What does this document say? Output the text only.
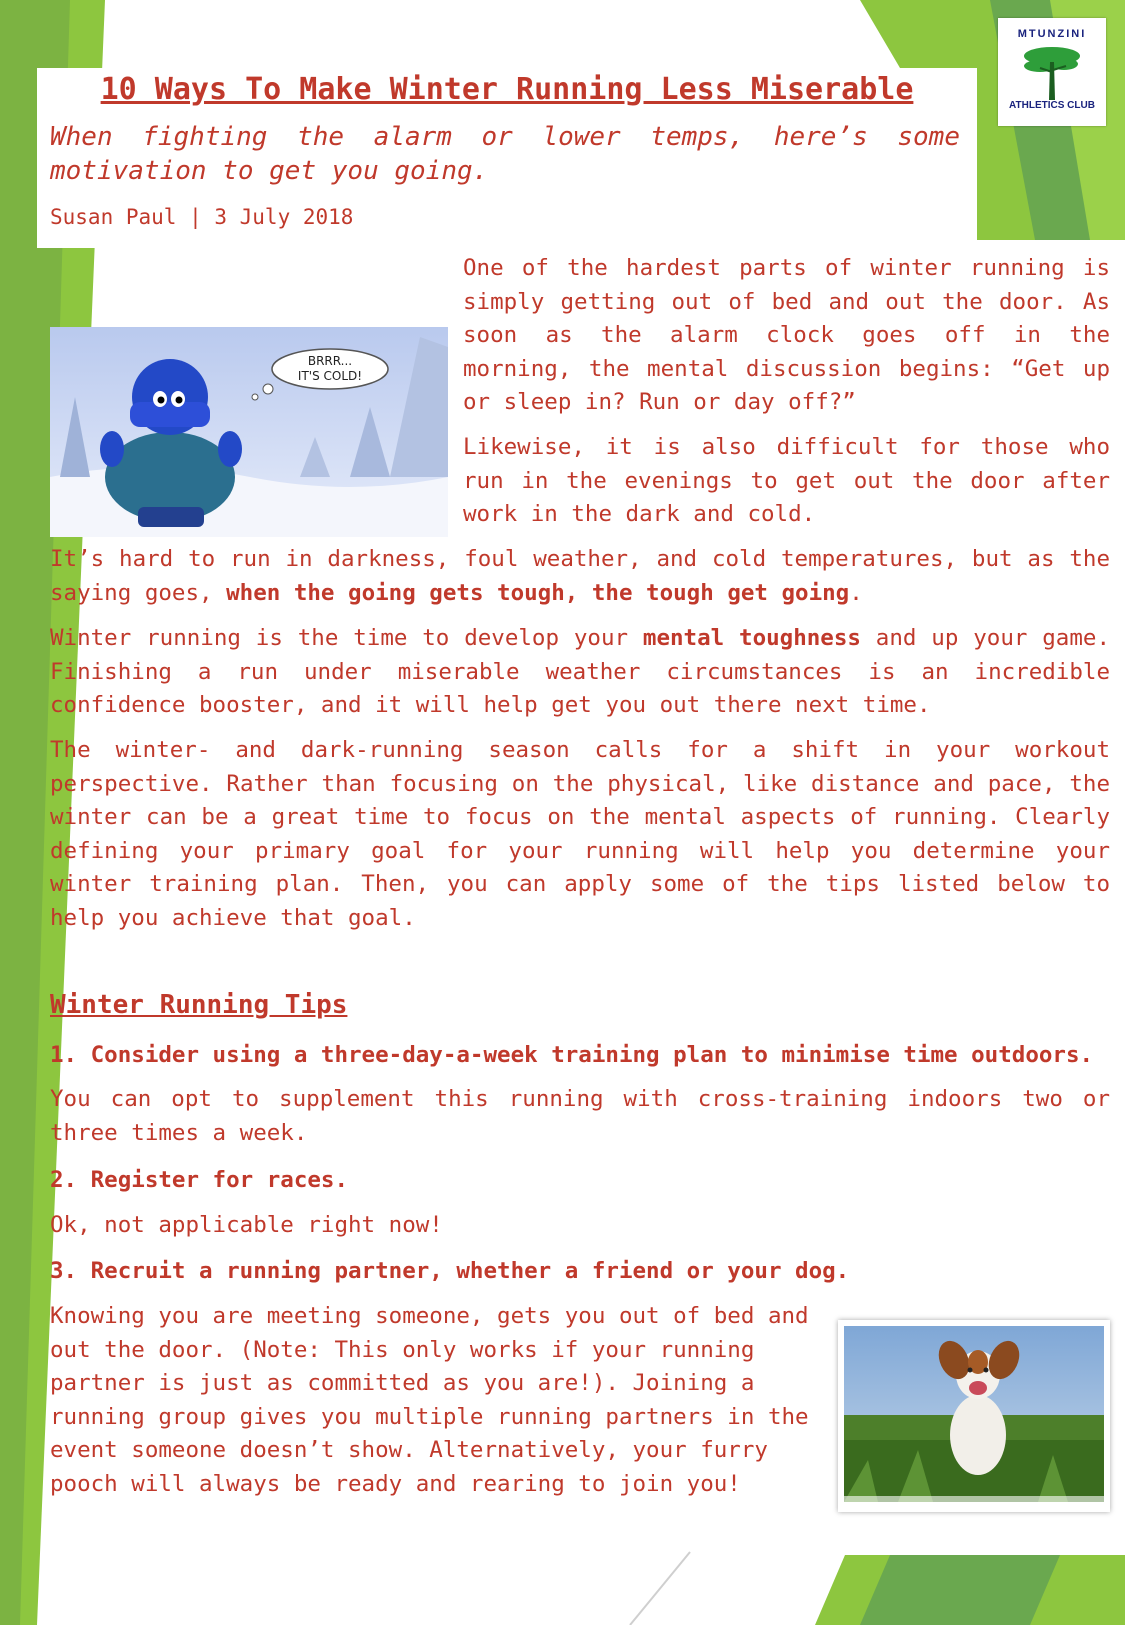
MTUNZINI
ATHLETICS CLUB
10 Ways To Make Winter Running Less Miserable
When fighting the alarm or lower temps, here’s some motivation to get you going.
Susan Paul | 3 July 2018
BRRR...
IT'S COLD!

One of the hardest parts of winter running is simply getting out of bed and out the door. As soon as the alarm clock goes off in the morning, the mental discussion begins: “Get up or sleep in? Run or day off?”

Likewise, it is also difficult for those who run in the evenings to get out the door after work in the dark and cold.

It’s hard to run in darkness, foul weather, and cold temperatures, but as the saying goes, when the going gets tough, the tough get going.

Winter running is the time to develop your mental toughness and up your game. Finishing a run under miserable weather circumstances is an incredible confidence booster, and it will help get you out there next time.

The winter- and dark-running season calls for a shift in your workout perspective. Rather than focusing on the physical, like distance and pace, the winter can be a great time to focus on the mental aspects of running. Clearly defining your primary goal for your running will help you determine your winter training plan. Then, you can apply some of the tips listed below to help you achieve that goal.

Winter Running Tips
1. Consider using a three-day-a-week training plan to minimise time outdoors.

You can opt to supplement this running with cross-training indoors two or three times a week.

2. Register for races.

Ok, not applicable right now!

3. Recruit a running partner, whether a friend or your dog.

Knowing you are meeting someone, gets you out of bed and out the door. (Note: This only works if your running partner is just as committed as you are!). Joining a running group gives you multiple running partners in the event someone doesn’t show. Alternatively, your furry pooch will always be ready and rearing to join you!
